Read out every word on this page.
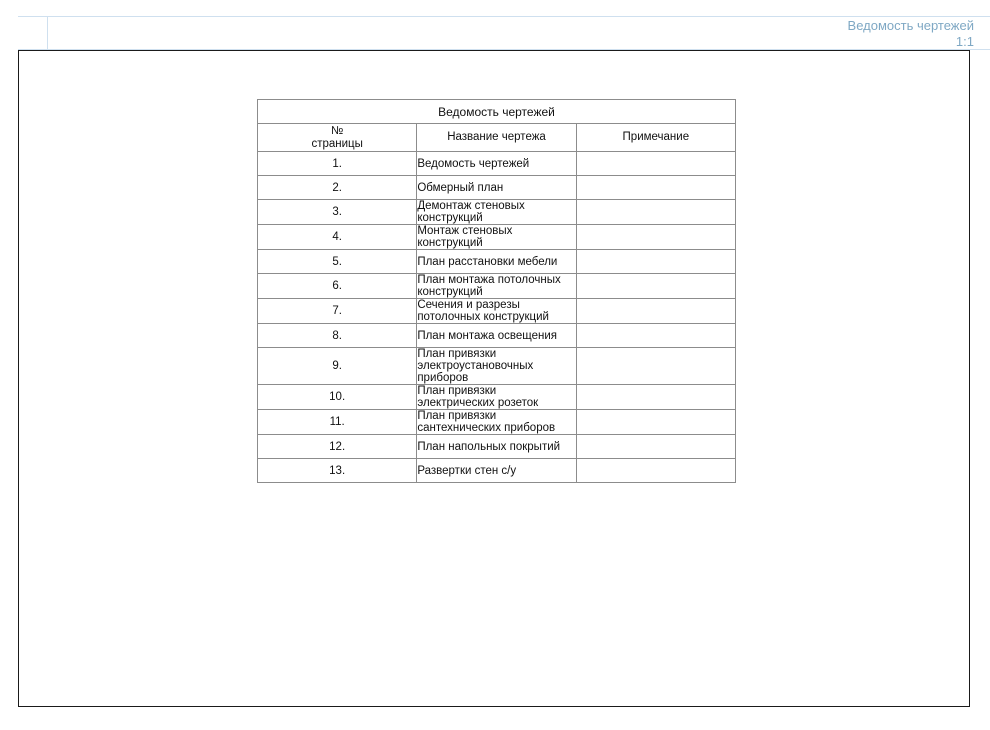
Ведомость чертежей
1:1
Ведомость чертежей		

№
страницы	Название чертежа	Примечание
1.	Ведомость чертежей	
2.	Обмерный план	
3.	Демонтаж стеновых конструкций	
4.	Монтаж стеновых конструкций	
5.	План расстановки мебели	
6.	План монтажа потолочных конструкций	
7.	Сечения и разрезы потолочных конструкций	
8.	План монтажа освещения	
9.	План привязки электроустановочных приборов	
10.	План привязки электрических розеток	
11.	План привязки сантехнических приборов	
12.	План напольных покрытий	
13.	Развертки стен с/у	
